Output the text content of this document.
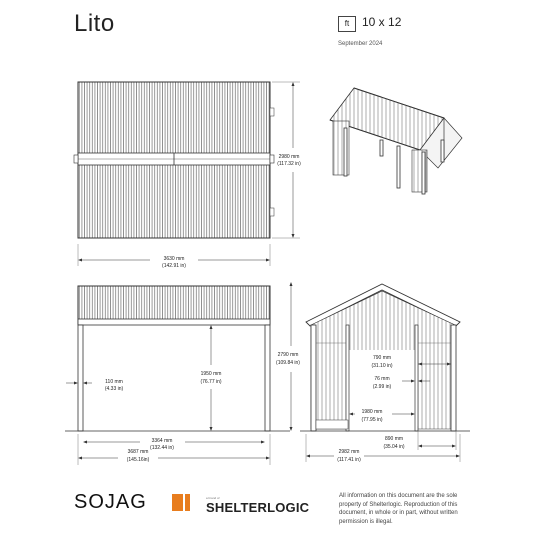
Lito	ft	10 x 12
September 2024
2980 mm
(117.32 in)
3630 mm
(142.91 in)
1950 mm
(76.77 in)
110 mm
(4.33 in)
3364 mm
(132.44 in)
3687 mm
(145.16in)
2790 mm
(109.84 in)
790 mm
(31.10 in)
76 mm
(2.99 in)
1980 mm
(77.95 in)
890 mm
(35.04 in)
2982 mm
(117.41 in)
SOJAG	a brand of
SHELTERLOGIC
All information on this document are the sole property of Shelterlogic. Reproduction of this document, in whole or in part, without written permission is illegal.
